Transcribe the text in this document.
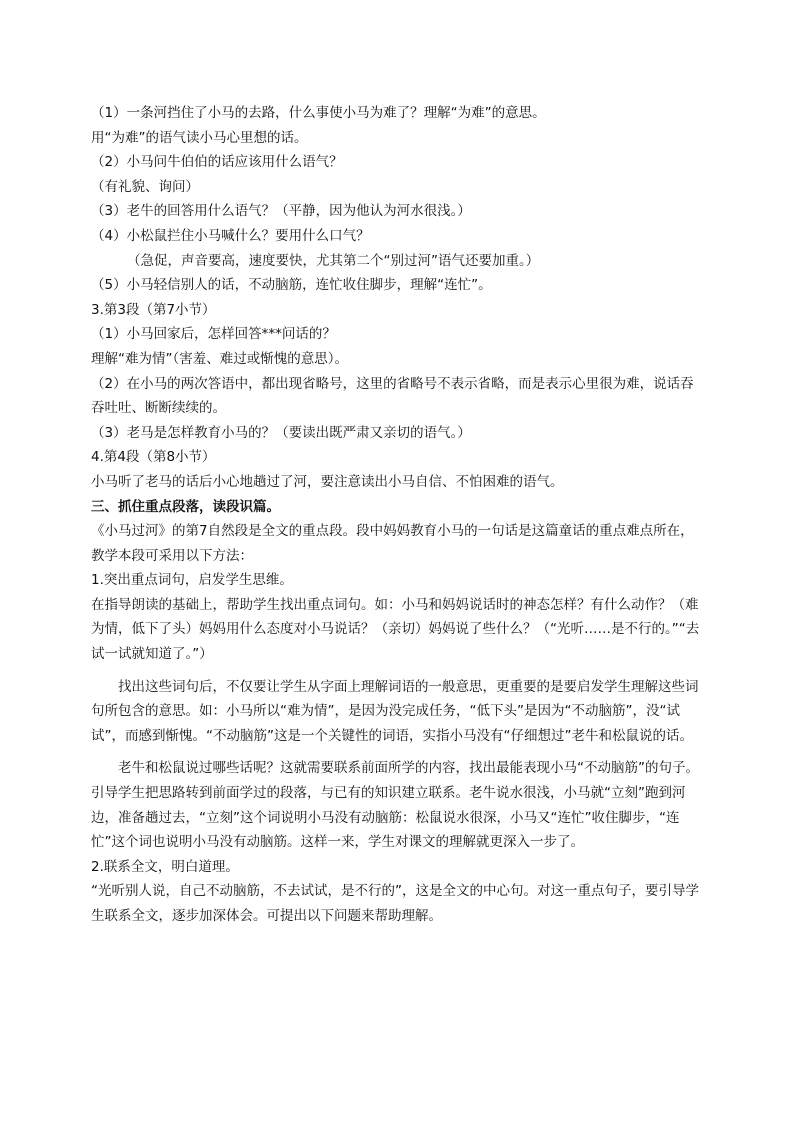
（1）一条河挡住了小马的去路，什么事使小马为难了？理解“为难”的意思。

用“为难”的语气读小马心里想的话。

（2）小马问牛伯伯的话应该用什么语气？

（有礼貌、询问）

（3）老牛的回答用什么语气？（平静，因为他认为河水很浅。）

（4）小松鼠拦住小马喊什么？要用什么口气？

（急促，声音要高，速度要快，尤其第二个“别过河”语气还要加重。）

（5）小马轻信别人的话，不动脑筋，连忙收住脚步，理解“连忙”。

3.第3段（第7小节）

（1）小马回家后，怎样回答***问话的？

理解“难为情”（害羞、难过或惭愧的意思）。

（2）在小马的两次答语中，都出现省略号，这里的省略号不表示省略，而是表示心里很为难，说话吞吞吐吐、断断续续的。

（3）老马是怎样教育小马的？（要读出既严肃又亲切的语气。）

4.第4段（第8小节）

小马听了老马的话后小心地趟过了河，要注意读出小马自信、不怕困难的语气。

三、抓住重点段落，读段识篇。

《小马过河》的第7自然段是全文的重点段。段中妈妈教育小马的一句话是这篇童话的重点难点所在，教学本段可采用以下方法：

1.突出重点词句，启发学生思维。

在指导朗读的基础上，帮助学生找出重点词句。如：小马和妈妈说话时的神态怎样？有什么动作？（难为情，低下了头）妈妈用什么态度对小马说话？（亲切）妈妈说了些什么？（“光听……是不行的。”“去试一试就知道了。”）

找出这些词句后，不仅要让学生从字面上理解词语的一般意思，更重要的是要启发学生理解这些词句所包含的意思。如：小马所以“难为情”，是因为没完成任务，“低下头”是因为“不动脑筋”，没“试试”，而感到惭愧。“不动脑筋”这是一个关键性的词语，实指小马没有“仔细想过”老牛和松鼠说的话。

老牛和松鼠说过哪些话呢？这就需要联系前面所学的内容，找出最能表现小马“不动脑筋”的句子。引导学生把思路转到前面学过的段落，与已有的知识建立联系。老牛说水很浅，小马就“立刻”跑到河边，准备趟过去，“立刻”这个词说明小马没有动脑筋：松鼠说水很深，小马又“连忙”收住脚步，“连忙”这个词也说明小马没有动脑筋。这样一来，学生对课文的理解就更深入一步了。

2.联系全文，明白道理。

“光听别人说，自己不动脑筋，不去试试，是不行的”，这是全文的中心句。对这一重点句子，要引导学生联系全文，逐步加深体会。可提出以下问题来帮助理解。
